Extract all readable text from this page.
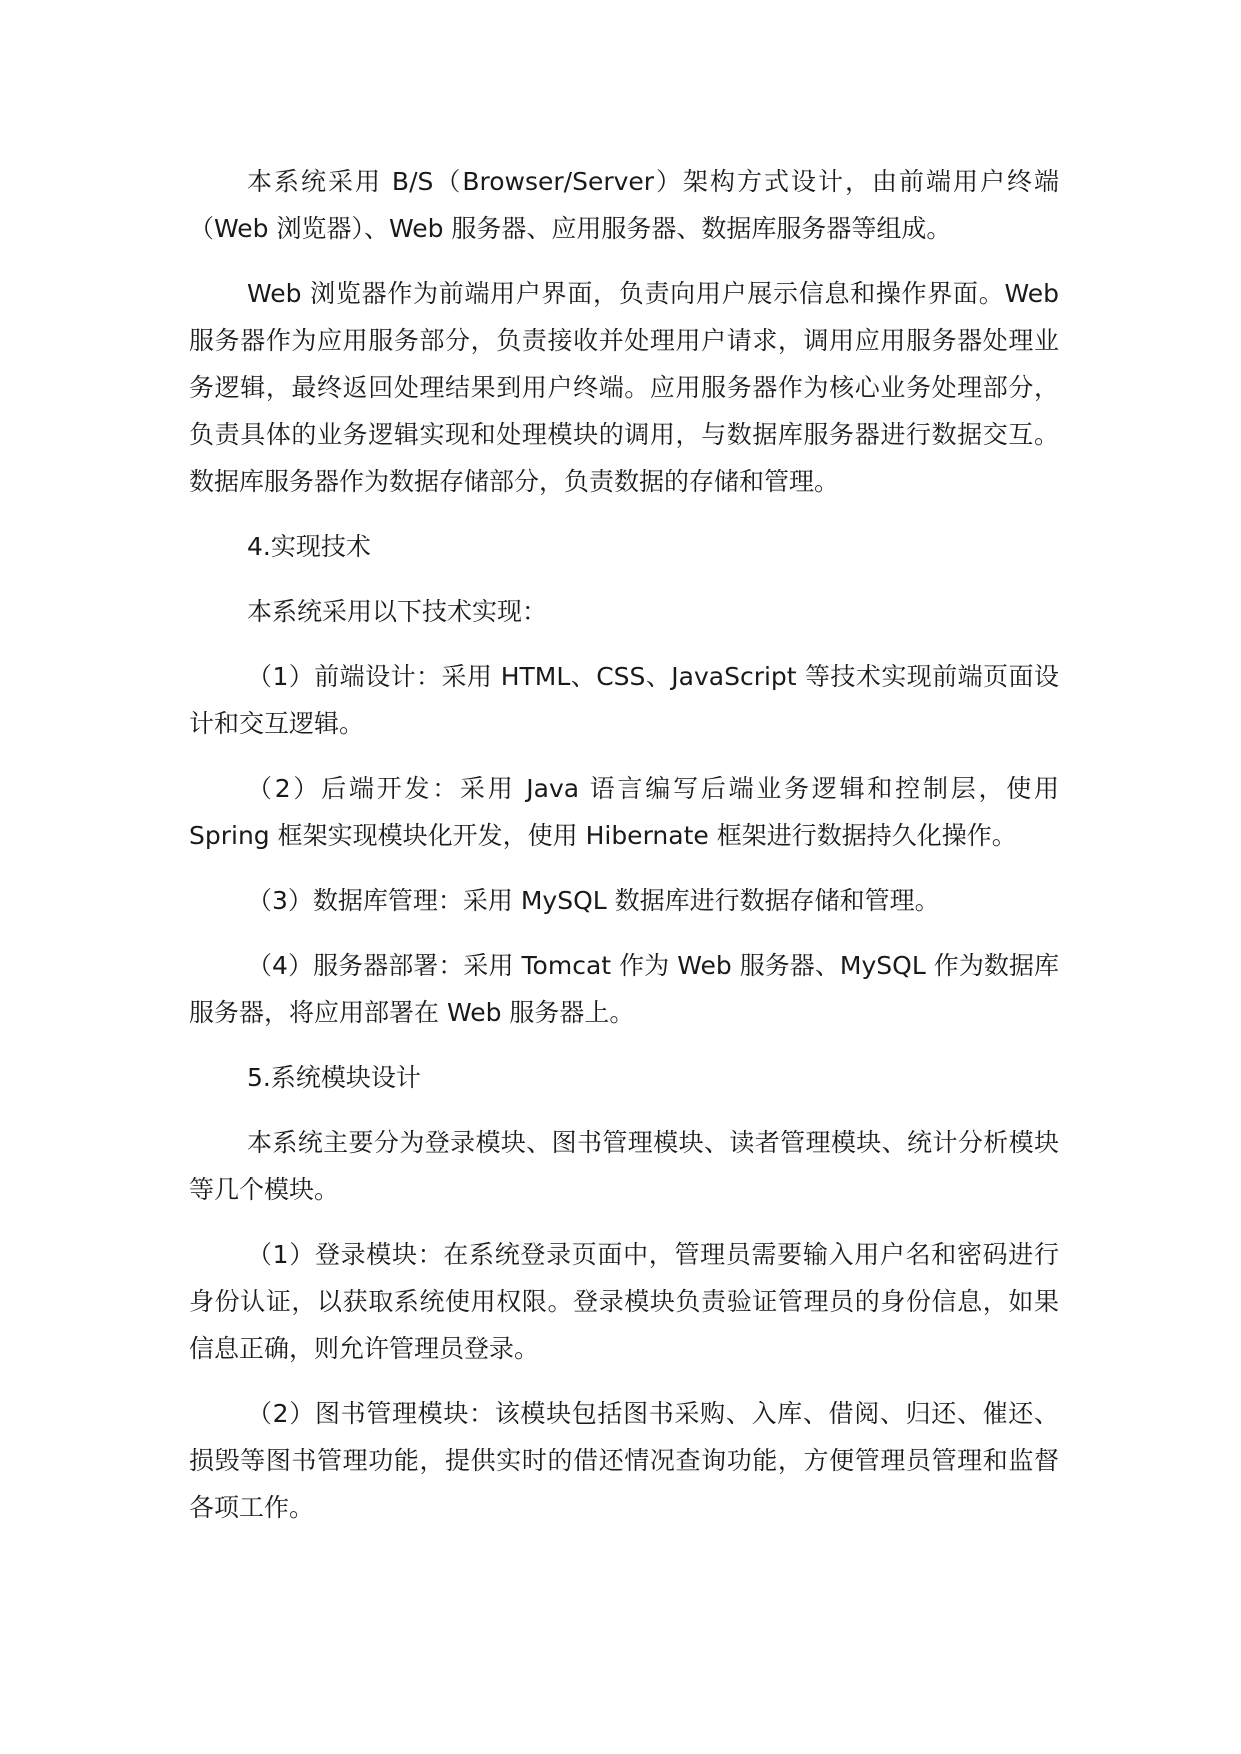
本系统采用 B/S（Browser/Server）架构方式设计，由前端用户终端（Web 浏览器）、Web 服务器、应用服务器、数据库服务器等组成。

Web 浏览器作为前端用户界面，负责向用户展示信息和操作界面。Web 服务器作为应用服务部分，负责接收并处理用户请求，调用应用服务器处理业务逻辑，最终返回处理结果到用户终端。应用服务器作为核心业务处理部分，负责具体的业务逻辑实现和处理模块的调用，与数据库服务器进行数据交互。数据库服务器作为数据存储部分，负责数据的存储和管理。

4.实现技术

本系统采用以下技术实现：

（1）前端设计：采用 HTML、CSS、JavaScript 等技术实现前端页面设计和交互逻辑。

（2）后端开发：采用 Java 语言编写后端业务逻辑和控制层，使用 Spring 框架实现模块化开发，使用 Hibernate 框架进行数据持久化操作。

（3）数据库管理：采用 MySQL 数据库进行数据存储和管理。

（4）服务器部署：采用 Tomcat 作为 Web 服务器、MySQL 作为数据库服务器，将应用部署在 Web 服务器上。

5.系统模块设计

本系统主要分为登录模块、图书管理模块、读者管理模块、统计分析模块等几个模块。

（1）登录模块：在系统登录页面中，管理员需要输入用户名和密码进行身份认证，以获取系统使用权限。登录模块负责验证管理员的身份信息，如果信息正确，则允许管理员登录。

（2）图书管理模块：该模块包括图书采购、入库、借阅、归还、催还、损毁等图书管理功能，提供实时的借还情况查询功能，方便管理员管理和监督各项工作。
